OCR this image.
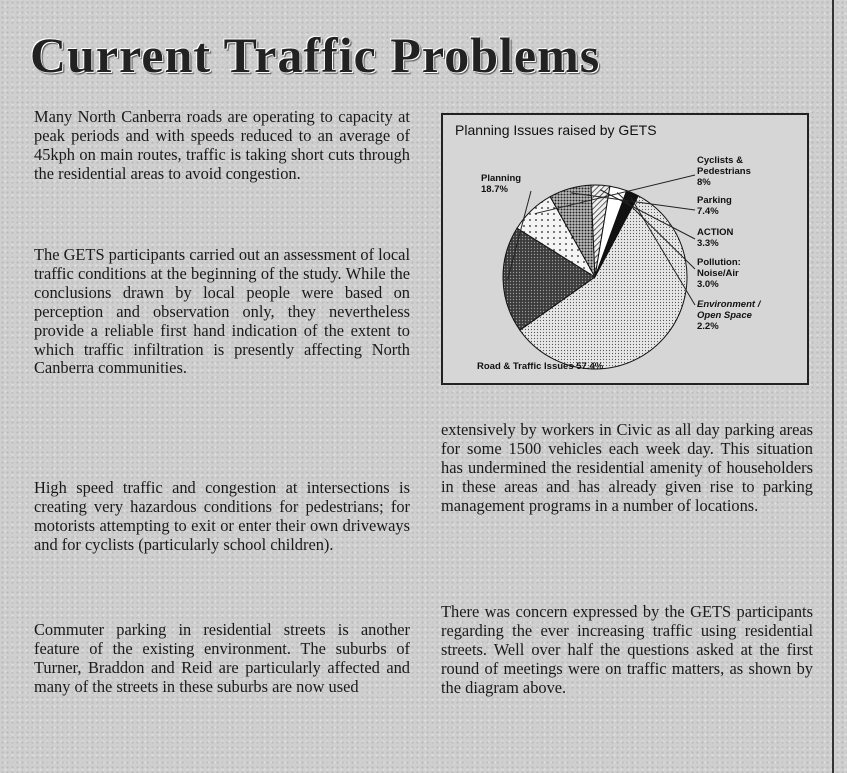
Current Traffic Problems

Many North Canberra roads are operating to capacity at peak periods and with speeds reduced to an average of 45kph on main routes, traffic is taking short cuts through the residential areas to avoid congestion.

The GETS participants carried out an assessment of local traffic conditions at the beginning of the study. While the conclusions drawn by local people were based on perception and observation only, they nevertheless provide a reliable first hand indication of the extent to which traffic infiltration is presently affecting North Canberra communities.

High speed traffic and congestion at intersections is creating very hazardous conditions for pedestrians; for motorists attempting to exit or enter their own driveways and for cyclists (particularly school children).

Commuter parking in residential streets is another feature of the existing environment. The suburbs of Turner, Braddon and Reid are particularly affected and many of the streets in these suburbs are now used

extensively by workers in Civic as all day parking areas for some 1500 vehicles each week day. This situation has undermined the residential amenity of householders in these areas and has already given rise to parking management programs in a number of locations.

There was concern expressed by the GETS participants regarding the ever increasing traffic using residential streets. Well over half the questions asked at the first round of meetings were on traffic matters, as shown by the diagram above.

Planning Issues raised by GETS
Road & Traffic Issues 57.4%
Planning
18.7%
Cyclists &
Pedestrians
8%
Parking
7.4%
ACTION
3.3%
Pollution:
Noise/Air
3.0%
Environment /
Open Space
2.2%
